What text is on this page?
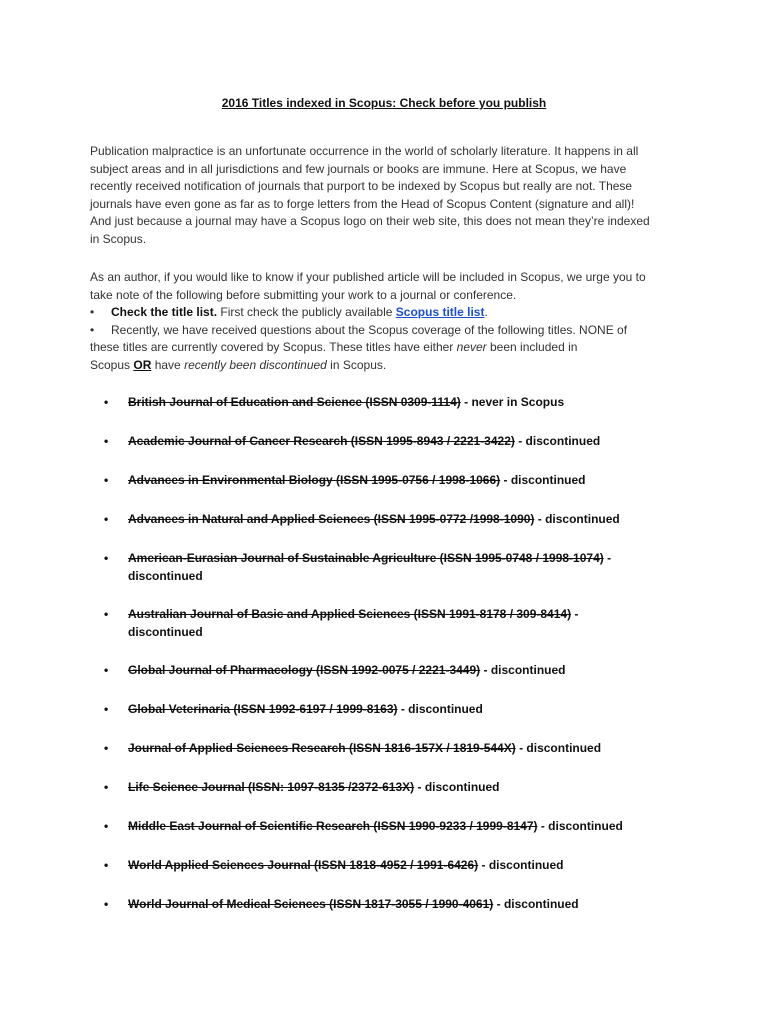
2016 Titles indexed in Scopus: Check before you publish

Publication malpractice is an unfortunate occurrence in the world of scholarly literature. It happens in all
subject areas and in all jurisdictions and few journals or books are immune. Here at Scopus, we have
recently received notification of journals that purport to be indexed by Scopus but really are not. These
journals have even gone as far as to forge letters from the Head of Scopus Content (signature and all)!
And just because a journal may have a Scopus logo on their web site, this does not mean they’re indexed
in Scopus.

As an author, if you would like to know if your published article will be included in Scopus, we urge you to
take note of the following before submitting your work to a journal or conference.
• Check the title list. First check the publicly available Scopus title list.
• Recently, we have received questions about the Scopus coverage of the following titles. NONE of
these titles are currently covered by Scopus. These titles have either never been included in
Scopus OR have recently been discontinued in Scopus.

• British Journal of Education and Science (ISSN 0309-1114) - never in Scopus
• Academic Journal of Cancer Research (ISSN 1995-8943 / 2221-3422) - discontinued
• Advances in Environmental Biology (ISSN 1995-0756 / 1998-1066) - discontinued
• Advances in Natural and Applied Sciences (ISSN 1995-0772 /1998-1090) - discontinued
• American-Eurasian Journal of Sustainable Agriculture (ISSN 1995-0748 / 1998-1074) - discontinued
• Australian Journal of Basic and Applied Sciences (ISSN 1991-8178 / 309-8414) - discontinued
• Global Journal of Pharmacology (ISSN 1992-0075 / 2221-3449) - discontinued
• Global Veterinaria (ISSN 1992-6197 / 1999-8163) - discontinued
• Journal of Applied Sciences Research (ISSN 1816-157X / 1819-544X) - discontinued
• Life Science Journal (ISSN: 1097-8135 /2372-613X) - discontinued
• Middle East Journal of Scientific Research (ISSN 1990-9233 / 1999-8147) - discontinued
• World Applied Sciences Journal (ISSN 1818-4952 / 1991-6426) - discontinued
• World Journal of Medical Sciences (ISSN 1817-3055 / 1990-4061) - discontinued
